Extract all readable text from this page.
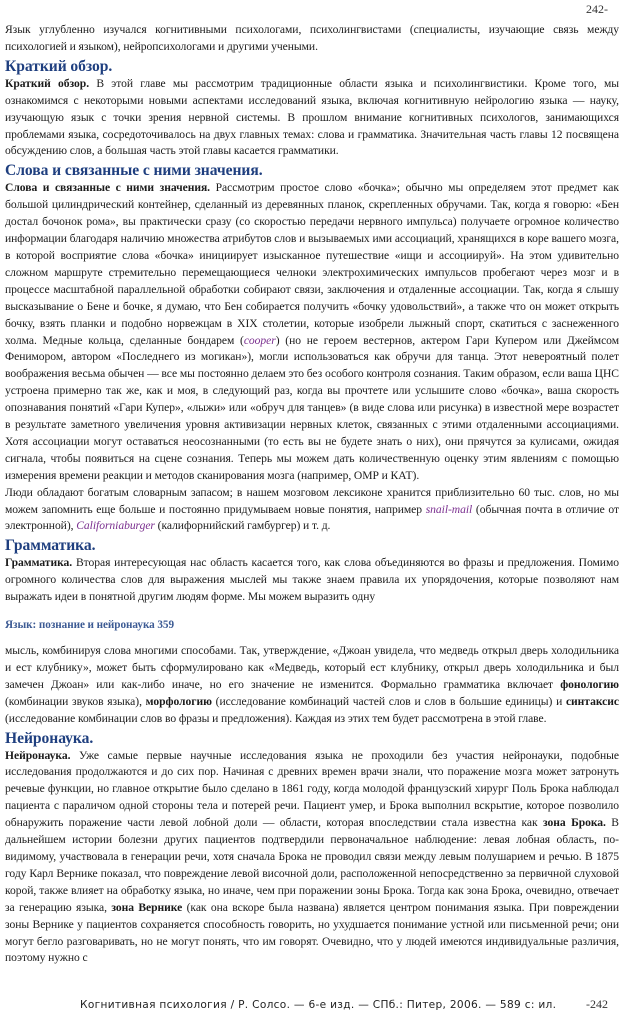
242-

Язык углубленно изучался когнитивными психологами, психолингвистами (специалисты, изучающие связь между психологией и языком), нейропсихологами и другими учеными.

Краткий обзор.

Краткий обзор. В этой главе мы рассмотрим традиционные области языка и психолингвистики. Кроме того, мы ознакомимся с некоторыми новыми аспектами исследований языка, включая когнитивную нейрологию языка — науку, изучающую язык с точки зрения нервной системы. В прошлом внимание когнитивных психологов, занимающихся проблемами языка, сосредоточивалось на двух главных темах: слова и грамматика. Значительная часть главы 12 посвящена обсуждению слов, а большая часть этой главы касается грамматики.

Слова и связанные с ними значения.

Слова и связанные с ними значения. Рассмотрим простое слово «бочка»; обычно мы определяем этот предмет как большой цилиндрический контейнер, сделанный из деревянных планок, скрепленных обручами. Так, когда я говорю: «Бен достал бочонок рома», вы практически сразу (со скоростью передачи нервного импульса) получаете огромное количество информации благодаря наличию множества атрибутов слов и вызываемых ими ассоциаций, хранящихся в коре вашего мозга, в которой восприятие слова «бочка» инициирует изысканное путешествие «ищи и ассоциируй». На этом удивительно сложном маршруте стремительно перемещающиеся челноки электрохимических импульсов пробегают через мозг и в процессе масштабной параллельной обработки собирают связи, заключения и отдаленные ассоциации. Так, когда я слышу высказывание о Бене и бочке, я думаю, что Бен собирается получить «бочку удовольствий», а также что он может открыть бочку, взять планки и подобно норвежцам в XIX столетии, которые изобрели лыжный спорт, скатиться с заснеженного холма. Медные кольца, сделанные бондарем (cooper) (но не героем вестернов, актером Гари Купером или Джеймсом Фенимором, автором «Последнего из могикан»), могли использоваться как обручи для танца. Этот невероятный полет воображения весьма обычен — все мы постоянно делаем это без особого контроля сознания. Таким образом, если ваша ЦНС устроена примерно так же, как и моя, в следующий раз, когда вы прочтете или услышите слово «бочка», ваша скорость опознавания понятий «Гари Купер», «лыжи» или «обруч для танцев» (в виде слова или рисунка) в известной мере возрастет в результате заметного увеличения уровня активизации нервных клеток, связанных с этими отдаленными ассоциациями. Хотя ассоциации могут оставаться неосознанными (то есть вы не будете знать о них), они прячутся за кулисами, ожидая сигнала, чтобы появиться на сцене сознания. Теперь мы можем дать количественную оценку этим явлениям с помощью измерения времени реакции и методов сканирования мозга (например, ОМР и КАТ).

Люди обладают богатым словарным запасом; в нашем мозговом лексиконе хранится приблизительно 60 тыс. слов, но мы можем запомнить еще больше и постоянно придумываем новые понятия, например snail-mail (обычная почта в отличие от электронной), Californiaburger (калифорнийский гамбургер) и т. д.

Грамматика.

Грамматика. Вторая интересующая нас область касается того, как слова объединяются во фразы и предложения. Помимо огромного количества слов для выражения мыслей мы также знаем правила их упорядочения, которые позволяют нам выражать идеи в понятной другим людям форме. Мы можем выразить одну

Язык: познание и нейронаука 359

мысль, комбинируя слова многими способами. Так, утверждение, «Джоан увидела, что медведь открыл дверь холодильника и ест клубнику», может быть сформулировано как «Медведь, который ест клубнику, открыл дверь холодильника и был замечен Джоан» или как-либо иначе, но его значение не изменится. Формально грамматика включает фонологию (комбинации звуков языка), морфологию (исследование комбинаций частей слов и слов в большие единицы) и синтаксис (исследование комбинации слов во фразы и предложения). Каждая из этих тем будет рассмотрена в этой главе.

Нейронаука.

Нейронаука. Уже самые первые научные исследования языка не проходили без участия нейронауки, подобные исследования продолжаются и до сих пор. Начиная с древних времен врачи знали, что поражение мозга может затронуть речевые функции, но главное открытие было сделано в 1861 году, когда молодой французский хирург Поль Брока наблюдал пациента с параличом одной стороны тела и потерей речи. Пациент умер, и Брока выполнил вскрытие, которое позволило обнаружить поражение части левой лобной доли — области, которая впоследствии стала известна как зона Брока. В дальнейшем истории болезни других пациентов подтвердили первоначальное наблюдение: левая лобная область, по-видимому, участвовала в генерации речи, хотя сначала Брока не проводил связи между левым полушарием и речью. В 1875 году Карл Вернике показал, что повреждение левой височной доли, расположенной непосредственно за первичной слуховой корой, также влияет на обработку языка, но иначе, чем при поражении зоны Брока. Тогда как зона Брока, очевидно, отвечает за генерацию языка, зона Вернике (как она вскоре была названа) является центром понимания языка. При повреждении зоны Вернике у пациентов сохраняется способность говорить, но ухудшается понимание устной или письменной речи; они могут бегло разговаривать, но не могут понять, что им говорят. Очевидно, что у людей имеются индивидуальные различия, поэтому нужно с

Когнитивная психология / Р. Солсо. — 6-е изд. — СПб.: Питер, 2006. — 589 с: ил. -242
